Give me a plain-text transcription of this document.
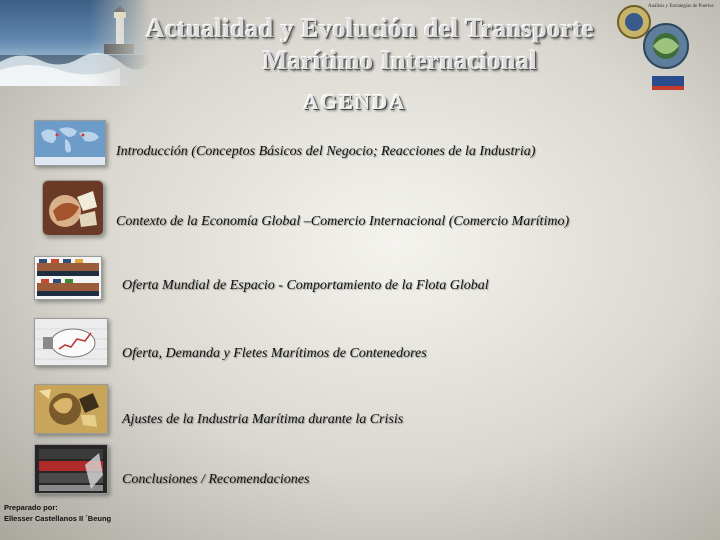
Actualidad y Evolución del Transporte
Marítimo Internacional
AGENDA
Análisis y Estrategias de Puertos
Introducción (Conceptos Básicos del Negocio; Reacciones de la Industria)
Contexto de la Economía Global –Comercio Internacional (Comercio Marítimo)
Oferta Mundial de Espacio - Comportamiento de la Flota Global
Oferta, Demanda y Fletes Marítimos de Contenedores
Ajustes de la Industria Marítima durante la Crisis
Conclusiones / Recomendaciones
Preparado por:
Ellesser Castellanos II ´Beung
